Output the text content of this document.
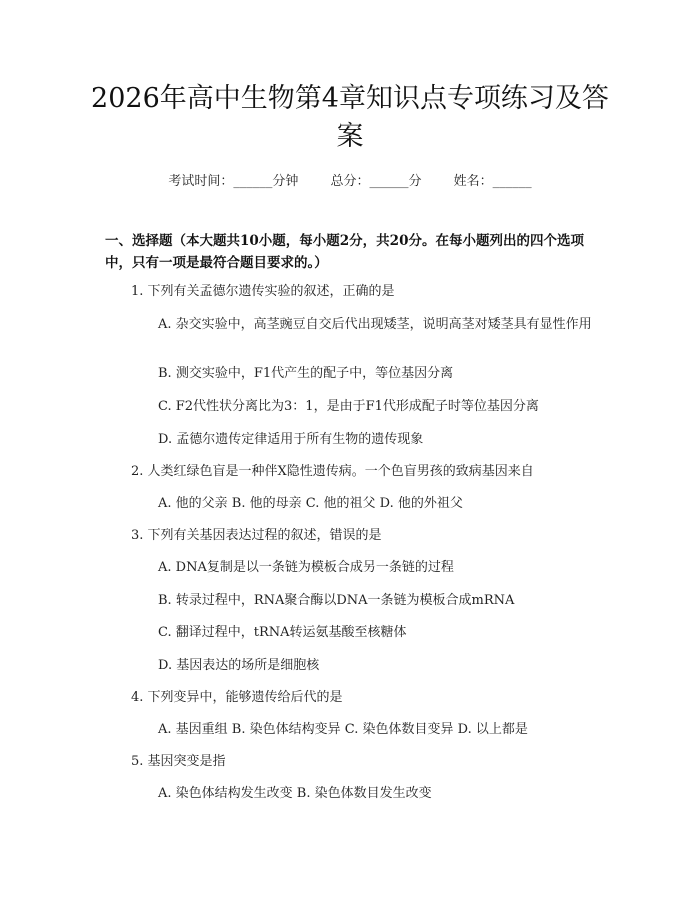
2026年高中生物第4章知识点专项练习及答案
考试时间：______分钟 总分：______分 姓名：______
一、选择题（本大题共10小题，每小题2分，共20分。在每小题列出的四个选项中，只有一项是最符合题目要求的。）
1. 下列有关孟德尔遗传实验的叙述，正确的是
A. 杂交实验中，高茎豌豆自交后代出现矮茎，说明高茎对矮茎具有显性作用
B. 测交实验中，F1代产生的配子中，等位基因分离
C. F2代性状分离比为3：1，是由于F1代形成配子时等位基因分离
D. 孟德尔遗传定律适用于所有生物的遗传现象
2. 人类红绿色盲是一种伴X隐性遗传病。一个色盲男孩的致病基因来自
A. 他的父亲 B. 他的母亲 C. 他的祖父 D. 他的外祖父
3. 下列有关基因表达过程的叙述，错误的是
A. DNA复制是以一条链为模板合成另一条链的过程
B. 转录过程中，RNA聚合酶以DNA一条链为模板合成mRNA
C. 翻译过程中，tRNA转运氨基酸至核糖体
D. 基因表达的场所是细胞核
4. 下列变异中，能够遗传给后代的是
A. 基因重组 B. 染色体结构变异 C. 染色体数目变异 D. 以上都是
5. 基因突变是指
A. 染色体结构发生改变 B. 染色体数目发生改变
